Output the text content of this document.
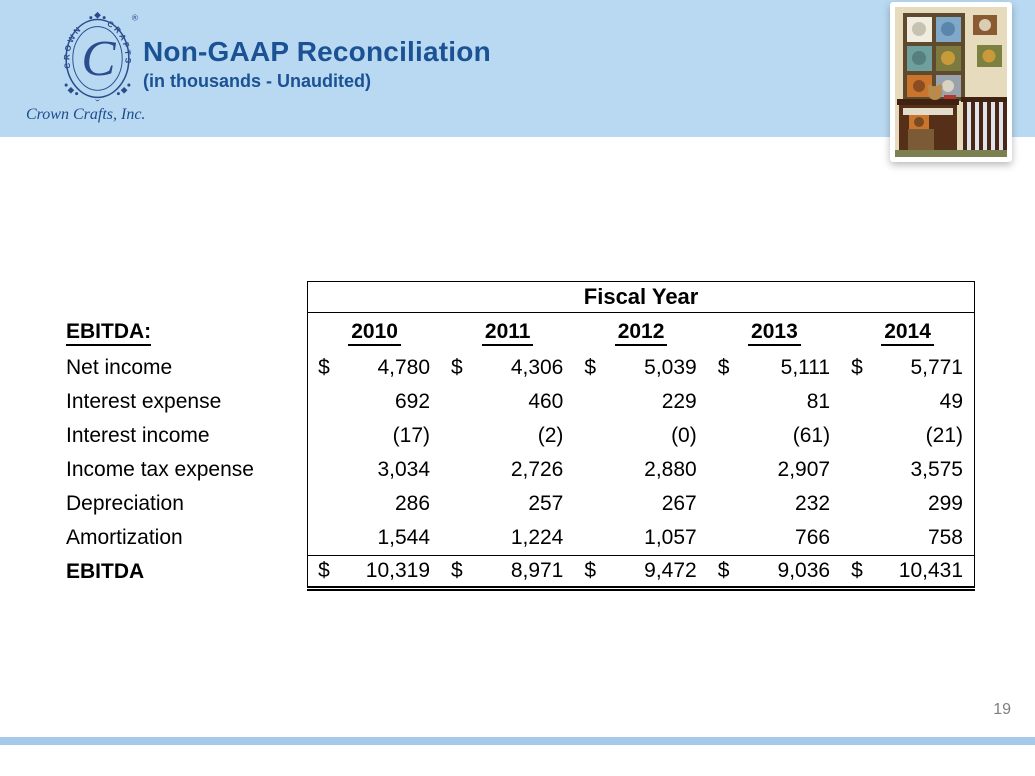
CROWN	CRAFTS
C
®
Crown Crafts, Inc.
Non-GAAP Reconciliation
(in thousands - Unaudited)
	Fiscal Year				
EBITDA:	2010	2011	2012	2013	2014
Net income	$ 4,780	$ 4,306	$ 5,039	$ 5,111	$ 5,771

Interest expense	692	460	229	81	49

Interest income	(17)	(2)	(0)	(61)	(21)

Income tax expense	3,034	2,726	2,880	2,907	3,575

Depreciation	286	257	267	232	299

Amortization	1,544	1,224	1,057	766	758

EBITDA	$ 10,319	$ 8,971	$ 9,472	$ 9,036	$ 10,431
19
